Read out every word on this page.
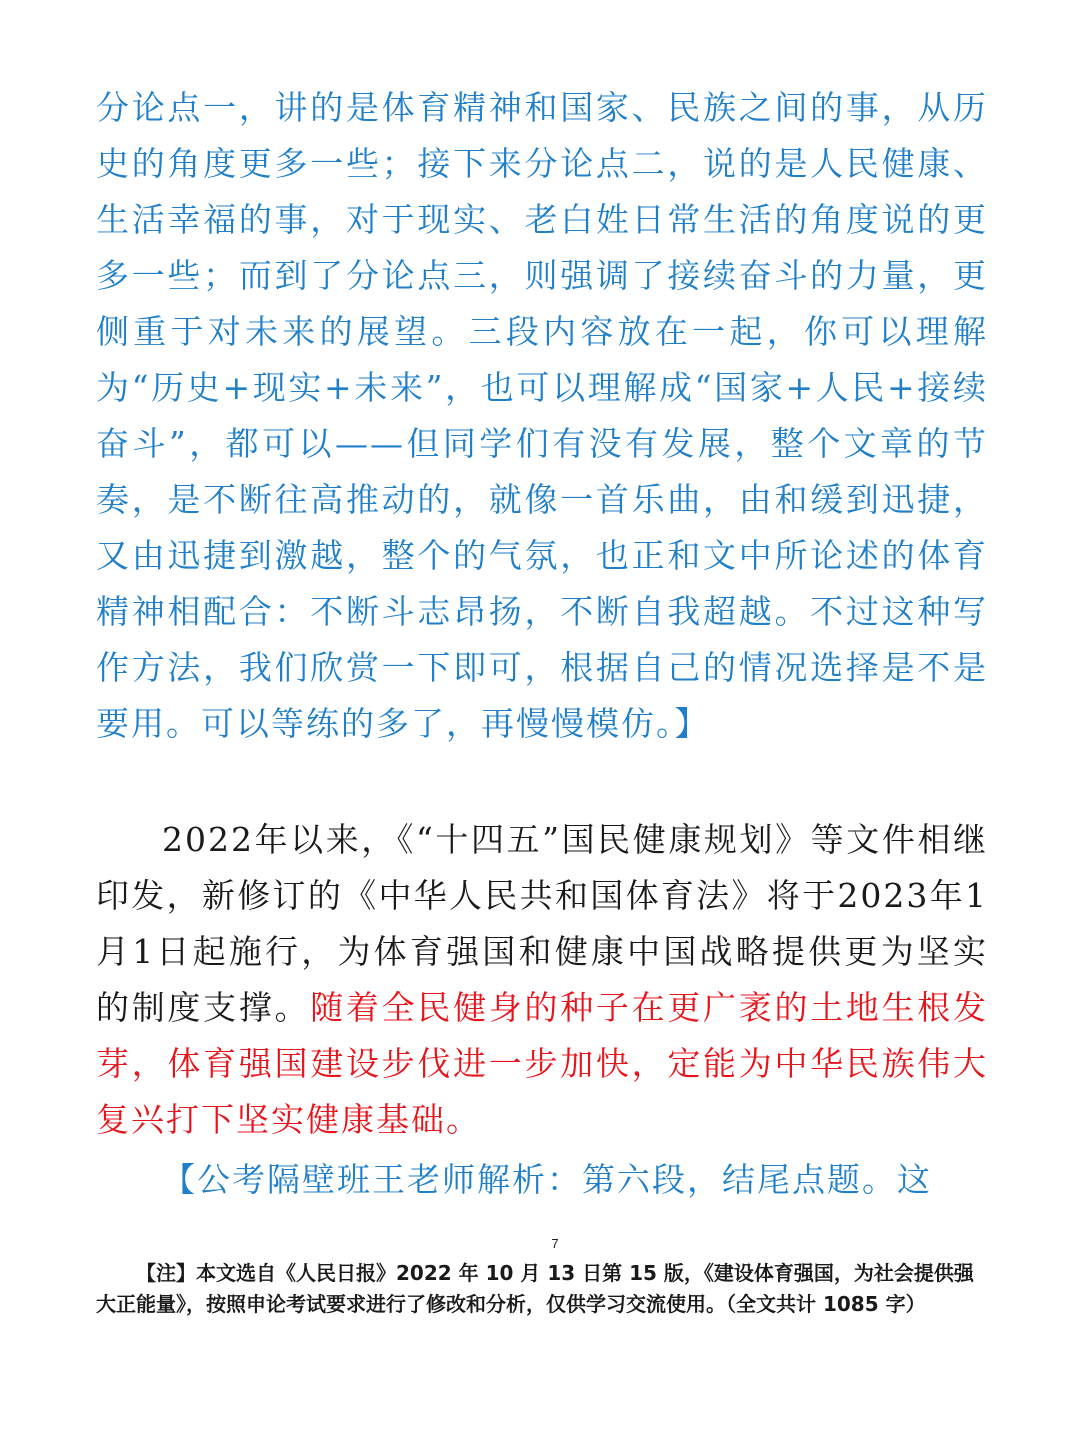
分论点一，讲的是体育精神和国家、民族之间的事，从历史的角度更多一些；接下来分论点二，说的是人民健康、生活幸福的事，对于现实、老白姓日常生活的角度说的更多一些；而到了分论点三，则强调了接续奋斗的力量，更侧重于对未来的展望。三段内容放在一起，你可以理解为“历史+现实+未来”，也可以理解成“国家+人民+接续奋斗”，都可以——但同学们有没有发展，整个文章的节奏，是不断往高推动的，就像一首乐曲，由和缓到迅捷，又由迅捷到激越，整个的气氛，也正和文中所论述的体育精神相配合：不断斗志昂扬，不断自我超越。不过这种写作方法，我们欣赏一下即可，根据自己的情况选择是不是要用。可以等练的多了，再慢慢模仿。】
2022年以来，《“十四五”国民健康规划》等文件相继印发，新修订的《中华人民共和国体育法》将于2023年1月1日起施行，为体育强国和健康中国战略提供更为坚实的制度支撑。随着全民健身的种子在更广袤的土地生根发芽，体育强国建设步伐进一步加快，定能为中华民族伟大复兴打下坚实健康基础。
【公考隔壁班王老师解析：第六段，结尾点题。这
7
【注】本文选自《人民日报》2022 年 10 月 13 日第 15 版，《建设体育强国，为社会提供强大正能量》，按照申论考试要求进行了修改和分析，仅供学习交流使用。（全文共计 1085 字）
